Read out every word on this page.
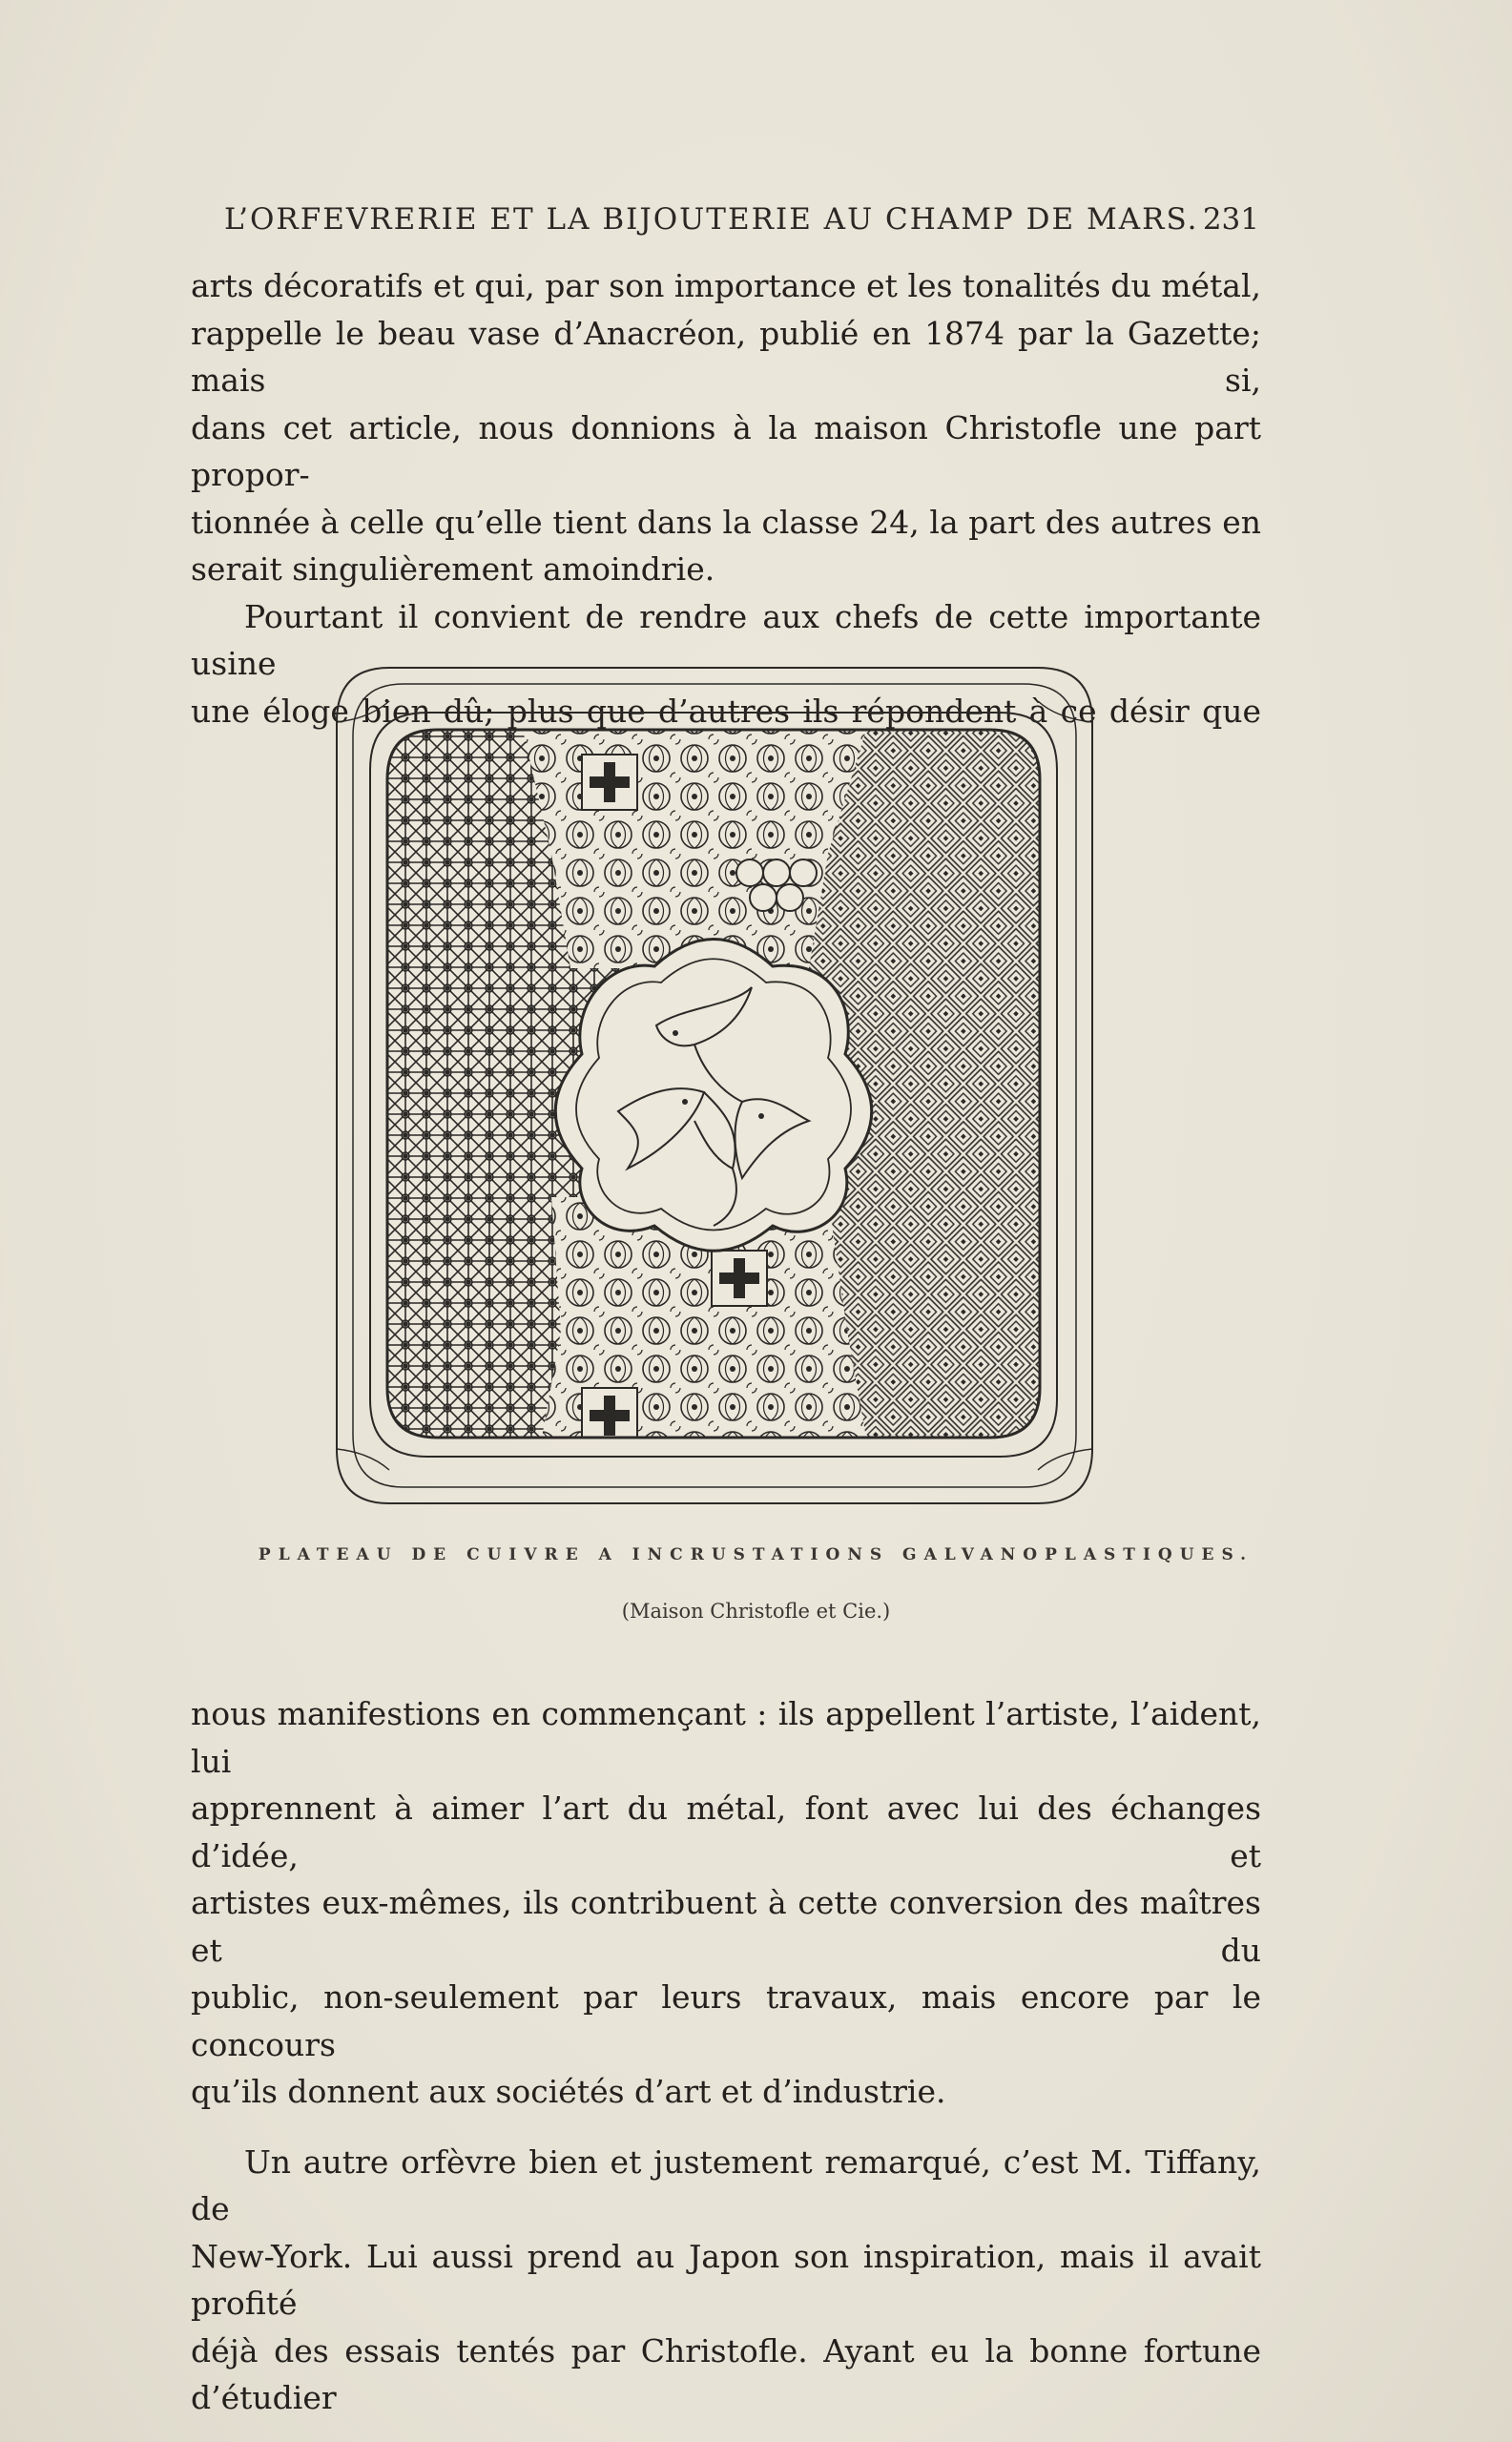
L’ORFEVRERIE ET LA BIJOUTERIE AU CHAMP DE MARS. 231

arts décoratifs et qui, par son importance et les tonalités du métal,
rappelle le beau vase d’Anacréon, publié en 1874 par la Gazette; mais si,
dans cet article, nous donnions à la maison Christofle une part propor-
tionnée à celle qu’elle tient dans la classe 24, la part des autres en
serait singulièrement amoindrie.

Pourtant il convient de rendre aux chefs de cette importante usine
une éloge bien dû; plus que d’autres ils répondent à ce désir que

PLATEAU DE CUIVRE A INCRUSTATIONS GALVANOPLASTIQUES.
(Maison Christofle et Cie.)

nous manifestions en commençant : ils appellent l’artiste, l’aident, lui
apprennent à aimer l’art du métal, font avec lui des échanges d’idée, et
artistes eux-mêmes, ils contribuent à cette conversion des maîtres et du
public, non-seulement par leurs travaux, mais encore par le concours
qu’ils donnent aux sociétés d’art et d’industrie.

Un autre orfèvre bien et justement remarqué, c’est M. Tiffany, de
New-York. Lui aussi prend au Japon son inspiration, mais il avait profité
déjà des essais tentés par Christofle. Ayant eu la bonne fortune d’étudier
